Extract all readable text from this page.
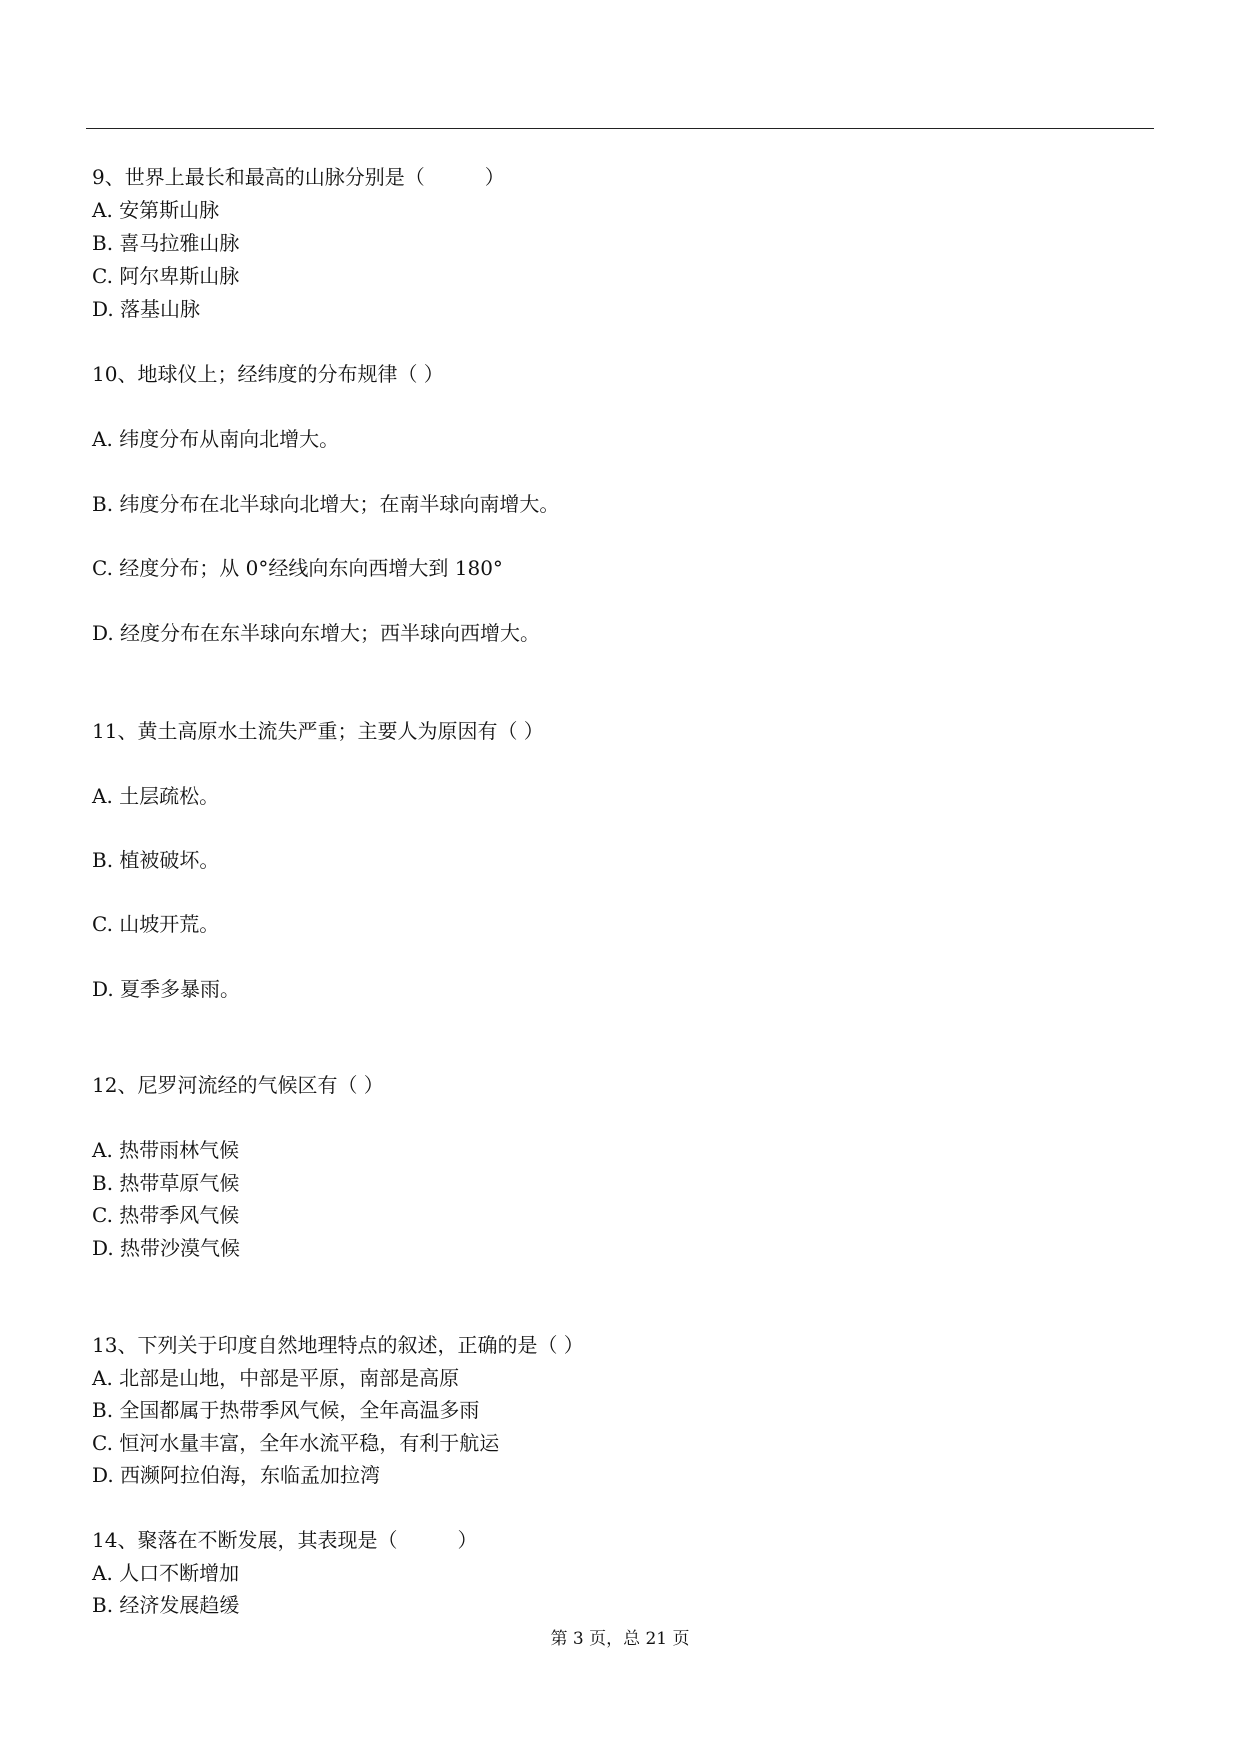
9、世界上最长和最高的山脉分别是（　　　）
A. 安第斯山脉
B. 喜马拉雅山脉
C. 阿尔卑斯山脉
D. 落基山脉
10、地球仪上；经纬度的分布规律（ ）
A. 纬度分布从南向北增大。
B. 纬度分布在北半球向北增大；在南半球向南增大。
C. 经度分布；从 0°经线向东向西增大到 180°
D. 经度分布在东半球向东增大；西半球向西增大。
11、黄土高原水土流失严重；主要人为原因有（ ）
A. 土层疏松。
B. 植被破坏。
C. 山坡开荒。
D. 夏季多暴雨。
12、尼罗河流经的气候区有（ ）
A. 热带雨林气候
B. 热带草原气候
C. 热带季风气候
D. 热带沙漠气候
13、下列关于印度自然地理特点的叙述，正确的是（ ）
A. 北部是山地，中部是平原，南部是高原
B. 全国都属于热带季风气候，全年高温多雨
C. 恒河水量丰富，全年水流平稳，有利于航运
D. 西濒阿拉伯海，东临孟加拉湾
14、聚落在不断发展，其表现是（　　　）
A. 人口不断增加
B. 经济发展趋缓
第 3 页，总 21 页
